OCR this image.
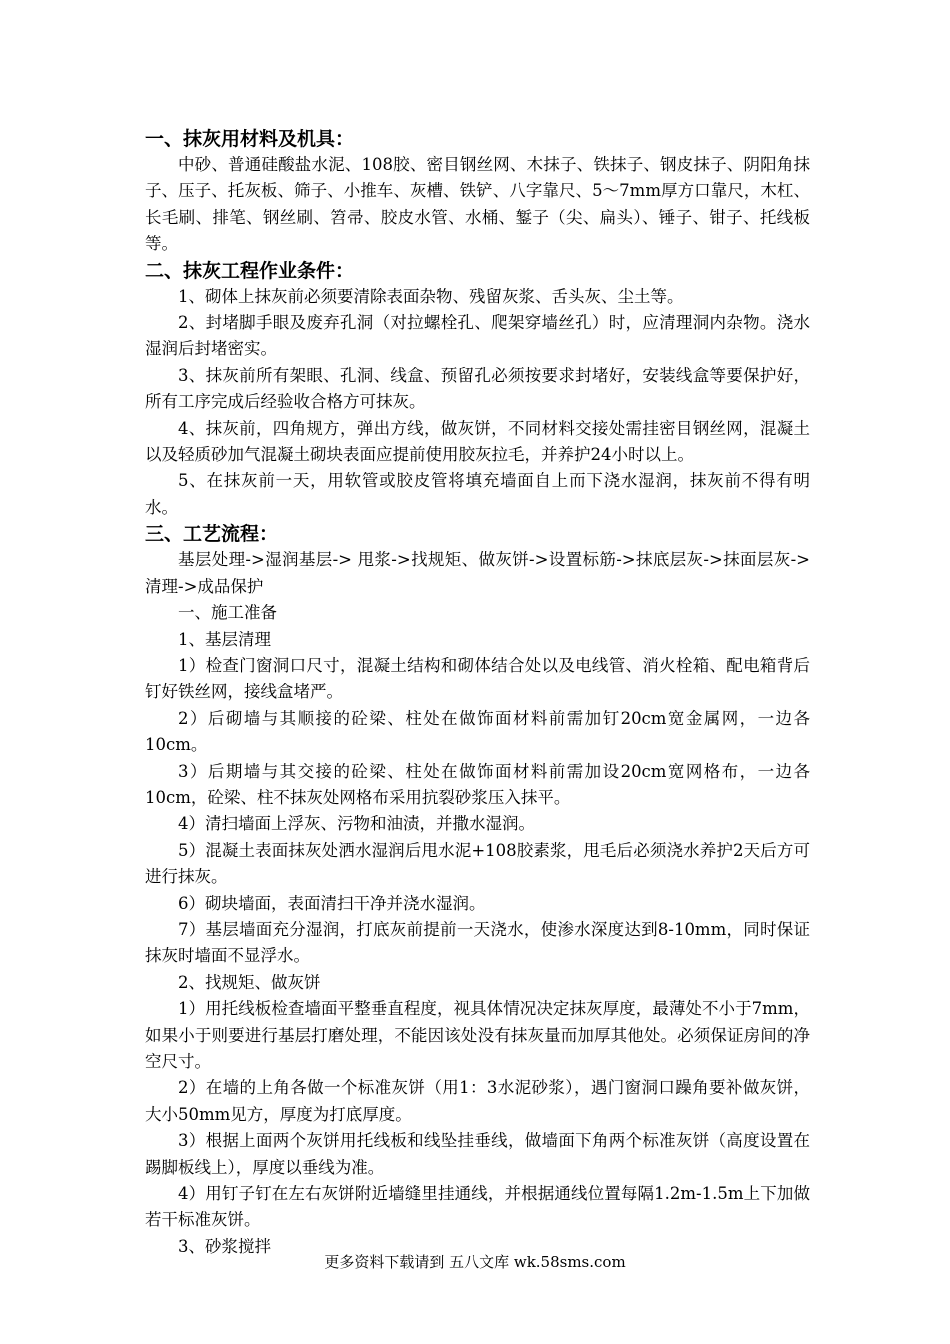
一、抹灰用材料及机具：

中砂、普通硅酸盐水泥、108胶、密目钢丝网、木抹子、铁抹子、钢皮抹子、阴阳角抹子、压子、托灰板、筛子、小推车、灰槽、铁铲、八字靠尺、5～7mm厚方口靠尺，木杠、长毛刷、排笔、钢丝刷、笤帚、胶皮水管、水桶、錾子（尖、扁头）、锤子、钳子、托线板等。

二、抹灰工程作业条件：

1、砌体上抹灰前必须要清除表面杂物、残留灰浆、舌头灰、尘土等。

2、封堵脚手眼及废弃孔洞（对拉螺栓孔、爬架穿墙丝孔）时，应清理洞内杂物。浇水湿润后封堵密实。

3、抹灰前所有架眼、孔洞、线盒、预留孔必须按要求封堵好，安装线盒等要保护好，所有工序完成后经验收合格方可抹灰。

4、抹灰前，四角规方，弹出方线，做灰饼，不同材料交接处需挂密目钢丝网，混凝土以及轻质砂加气混凝土砌块表面应提前使用胶灰拉毛，并养护24小时以上。

5、在抹灰前一天，用软管或胶皮管将填充墙面自上而下浇水湿润，抹灰前不得有明水。

三、工艺流程：

基层处理->湿润基层-> 甩浆->找规矩、做灰饼->设置标筋->抹底层灰->抹面层灰->清理->成品保护

一、施工准备

1、基层清理

1）检查门窗洞口尺寸，混凝土结构和砌体结合处以及电线管、消火栓箱、配电箱背后钉好铁丝网，接线盒堵严。

2）后砌墙与其顺接的砼梁、柱处在做饰面材料前需加钉20cm宽金属网，一边各10cm。

3）后期墙与其交接的砼梁、柱处在做饰面材料前需加设20cm宽网格布，一边各10cm，砼梁、柱不抹灰处网格布采用抗裂砂浆压入抹平。

4）清扫墙面上浮灰、污物和油渍，并撒水湿润。

5）混凝土表面抹灰处洒水湿润后甩水泥+108胶素浆，甩毛后必须浇水养护2天后方可进行抹灰。

6）砌块墙面，表面清扫干净并浇水湿润。

7）基层墙面充分湿润，打底灰前提前一天浇水，使渗水深度达到8-10mm，同时保证抹灰时墙面不显浮水。

2、找规矩、做灰饼

1）用托线板检查墙面平整垂直程度，视具体情况决定抹灰厚度，最薄处不小于7mm，如果小于则要进行基层打磨处理，不能因该处没有抹灰量而加厚其他处。必须保证房间的净空尺寸。

2）在墙的上角各做一个标准灰饼（用1：3水泥砂浆），遇门窗洞口躁角要补做灰饼，大小50mm见方，厚度为打底厚度。

3）根据上面两个灰饼用托线板和线坠挂垂线，做墙面下角两个标准灰饼（高度设置在踢脚板线上），厚度以垂线为准。

4）用钉子钉在左右灰饼附近墙缝里挂通线，并根据通线位置每隔1.2m-1.5m上下加做若干标准灰饼。

3、砂浆搅拌

更多资料下载请到 五八文库 wk.58sms.com
